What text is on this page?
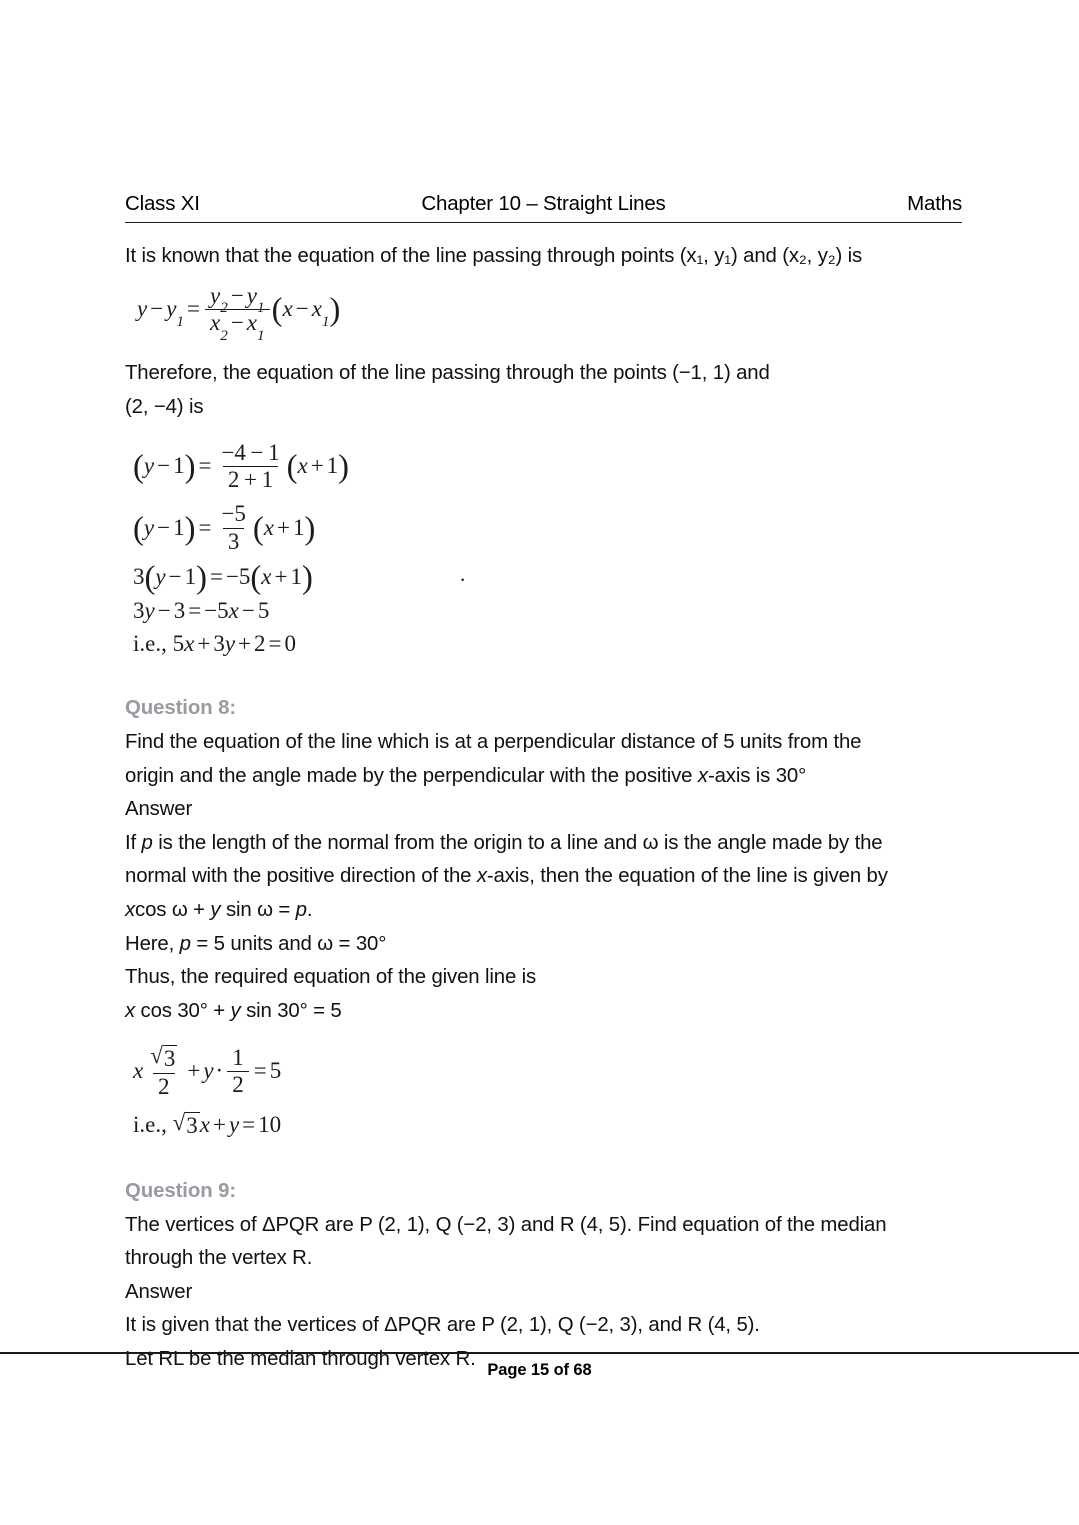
Class XI	Chapter 10 – Straight Lines	Maths

It is known that the equation of the line passing through points (x₁, y₁) and (x₂, y₂) is

$y - y_1$
= $\frac{y_2- y_1}{x_2- x_1}$ ( $x - x_1$ )
.

Therefore, the equation of the line passing through the points (−1, 1) and

(2, −4) is

( y − 1 ) = $\frac{-4 - 1}{2 + 1}$ ( x + 1 )
( y − 1 ) = $\frac{-5}{3}$ ( x + 1 )
3 ( y − 1 ) = −5 ( x + 1 )
3 y − 3 = −5 x − 5
i.e., 5 x + 3 y + 2 = 0

Question 8:

Find the equation of the line which is at a perpendicular distance of 5 units from the

origin and the angle made by the perpendicular with the positive x-axis is 30°

Answer

If p is the length of the normal from the origin to a line and ω is the angle made by the

normal with the positive direction of the x-axis, then the equation of the line is given by

xcos ω + y sin ω = p.

Here, p = 5 units and ω = 30°

Thus, the required equation of the given line is

x cos 30° + y sin 30° = 5

x $\frac{√ 3}{2} + y \cdot \frac{1}{2} = 5$
i.e., √ 3 x + y = 10

Question 9:

The vertices of ΔPQR are P (2, 1), Q (−2, 3) and R (4, 5). Find equation of the median

through the vertex R.

Answer

It is given that the vertices of ΔPQR are P (2, 1), Q (−2, 3), and R (4, 5).

Let RL be the median through vertex R.

Page 15 of 68
